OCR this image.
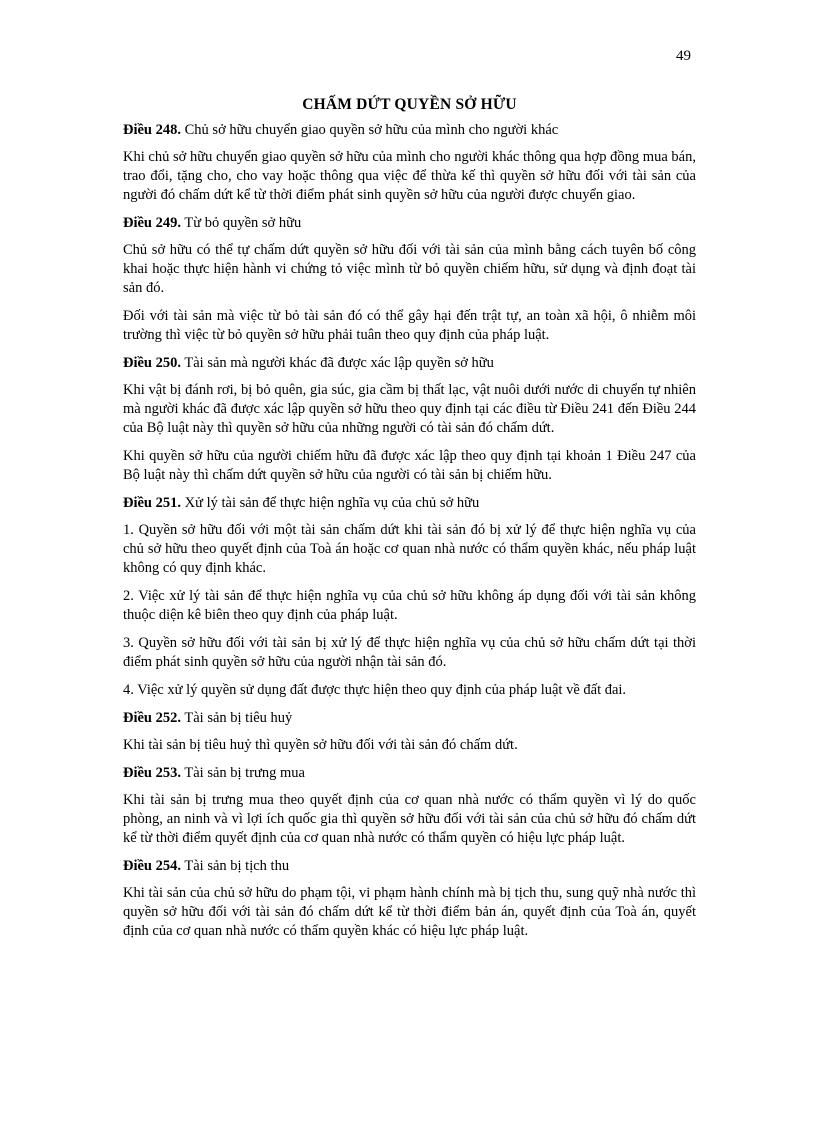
49
CHẤM DỨT QUYỀN SỞ HỮU
Điều 248. Chủ sở hữu chuyển giao quyền sở hữu của mình cho người khác

Khi chủ sở hữu chuyển giao quyền sở hữu của mình cho người khác thông qua hợp đồng mua bán, trao đổi, tặng cho, cho vay hoặc thông qua việc để thừa kế thì quyền sở hữu đối với tài sản của người đó chấm dứt kể từ thời điểm phát sinh quyền sở hữu của người được chuyển giao.

Điều 249. Từ bỏ quyền sở hữu

Chủ sở hữu có thể tự chấm dứt quyền sở hữu đối với tài sản của mình bằng cách tuyên bố công khai hoặc thực hiện hành vi chứng tỏ việc mình từ bỏ quyền chiếm hữu, sử dụng và định đoạt tài sản đó.

Đối với tài sản mà việc từ bỏ tài sản đó có thể gây hại đến trật tự, an toàn xã hội, ô nhiễm môi trường thì việc từ bỏ quyền sở hữu phải tuân theo quy định của pháp luật.

Điều 250. Tài sản mà người khác đã được xác lập quyền sở hữu

Khi vật bị đánh rơi, bị bỏ quên, gia súc, gia cầm bị thất lạc, vật nuôi dưới nước di chuyển tự nhiên mà người khác đã được xác lập quyền sở hữu theo quy định tại các điều từ Điều 241 đến Điều 244 của Bộ luật này thì quyền sở hữu của những người có tài sản đó chấm dứt.

Khi quyền sở hữu của người chiếm hữu đã được xác lập theo quy định tại khoản 1 Điều 247 của Bộ luật này thì chấm dứt quyền sở hữu của người có tài sản bị chiếm hữu.

Điều 251. Xử lý tài sản để thực hiện nghĩa vụ của chủ sở hữu

1. Quyền sở hữu đối với một tài sản chấm dứt khi tài sản đó bị xử lý để thực hiện nghĩa vụ của chủ sở hữu theo quyết định của Toà án hoặc cơ quan nhà nước có thẩm quyền khác, nếu pháp luật không có quy định khác.

2. Việc xử lý tài sản để thực hiện nghĩa vụ của chủ sở hữu không áp dụng đối với tài sản không thuộc diện kê biên theo quy định của pháp luật.

3. Quyền sở hữu đối với tài sản bị xử lý để thực hiện nghĩa vụ của chủ sở hữu chấm dứt tại thời điểm phát sinh quyền sở hữu của người nhận tài sản đó.

4. Việc xử lý quyền sử dụng đất được thực hiện theo quy định của pháp luật về đất đai.

Điều 252. Tài sản bị tiêu huỷ

Khi tài sản bị tiêu huỷ thì quyền sở hữu đối với tài sản đó chấm dứt.

Điều 253. Tài sản bị trưng mua

Khi tài sản bị trưng mua theo quyết định của cơ quan nhà nước có thẩm quyền vì lý do quốc phòng, an ninh và vì lợi ích quốc gia thì quyền sở hữu đối với tài sản của chủ sở hữu đó chấm dứt kể từ thời điểm quyết định của cơ quan nhà nước có thẩm quyền có hiệu lực pháp luật.

Điều 254. Tài sản bị tịch thu

Khi tài sản của chủ sở hữu do phạm tội, vi phạm hành chính mà bị tịch thu, sung quỹ nhà nước thì quyền sở hữu đối với tài sản đó chấm dứt kể từ thời điểm bản án, quyết định của Toà án, quyết định của cơ quan nhà nước có thẩm quyền khác có hiệu lực pháp luật.
